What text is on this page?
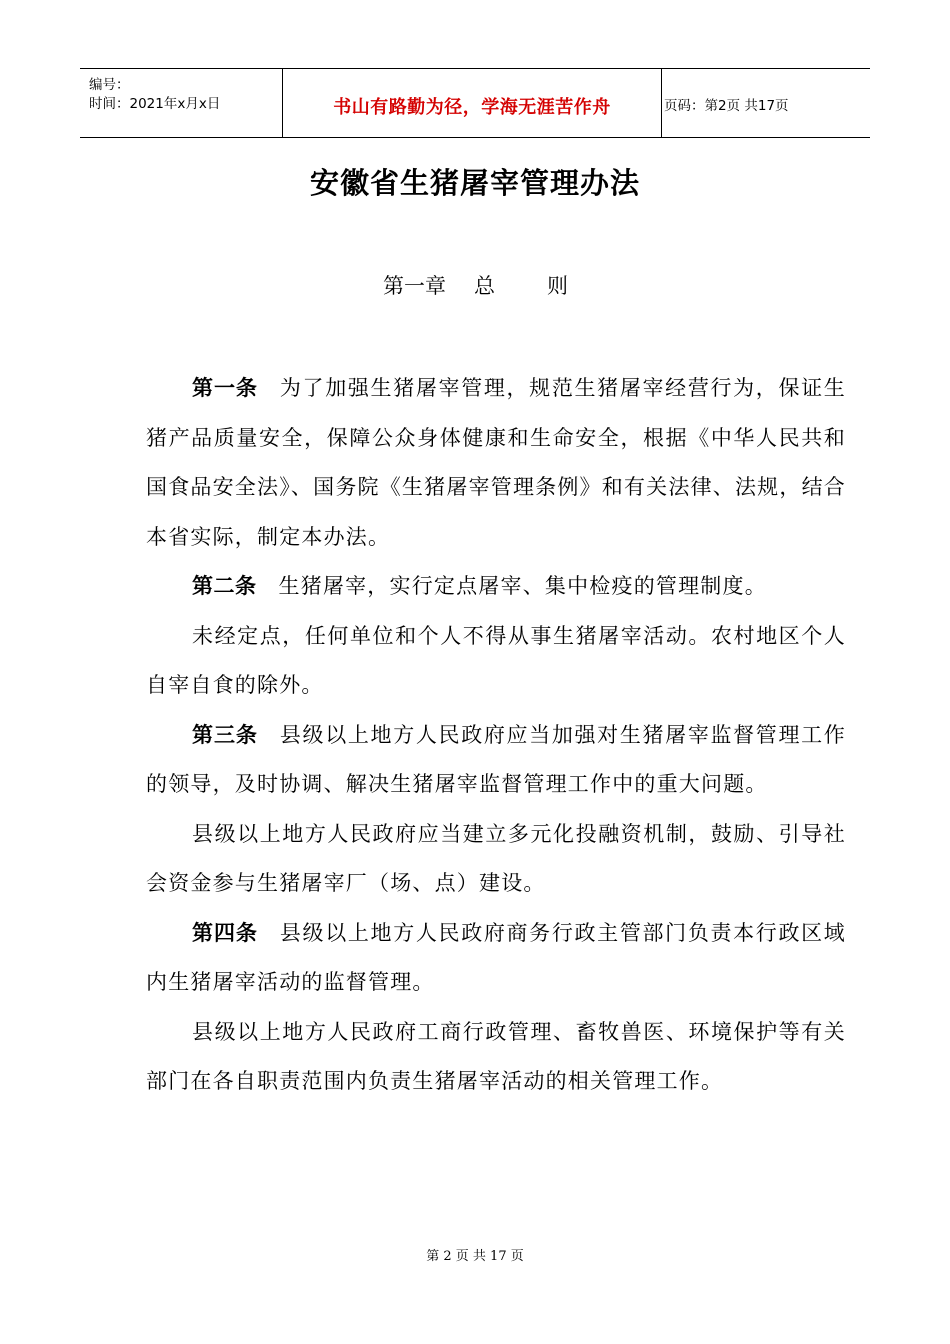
编号：
时间：2021年x月x日	书山有路勤为径，学海无涯苦作舟	页码：第2页 共17页
安徽省生猪屠宰管理办法
第一章 总 则

第一条 为了加强生猪屠宰管理，规范生猪屠宰经营行为，保证生猪产品质量安全，保障公众身体健康和生命安全，根据《中华人民共和国食品安全法》、国务院《生猪屠宰管理条例》和有关法律、法规，结合本省实际，制定本办法。

第二条 生猪屠宰，实行定点屠宰、集中检疫的管理制度。

未经定点，任何单位和个人不得从事生猪屠宰活动。农村地区个人自宰自食的除外。

第三条 县级以上地方人民政府应当加强对生猪屠宰监督管理工作的领导，及时协调、解决生猪屠宰监督管理工作中的重大问题。

县级以上地方人民政府应当建立多元化投融资机制，鼓励、引导社会资金参与生猪屠宰厂（场、点）建设。

第四条 县级以上地方人民政府商务行政主管部门负责本行政区域内生猪屠宰活动的监督管理。

县级以上地方人民政府工商行政管理、畜牧兽医、环境保护等有关部门在各自职责范围内负责生猪屠宰活动的相关管理工作。

第 2 页 共 17 页
